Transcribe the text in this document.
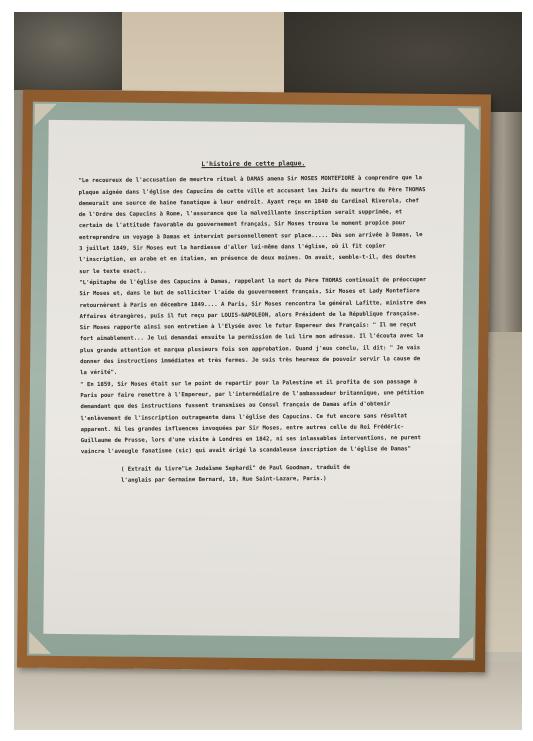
L'histoire de cette plaque.

"Le recoureux de l'accusation de meurtre rituel à DAMAS amena Sir MOSES MONTEFIORE à comprendre que la plaque aignée dans l'église des Capucins de cette ville et accusant les Juifs du meurtre du Père THOMAS demeurait une source de haine fanatique à leur endroit. Ayant reçu en 1840 du Cardinal Riverola, chef de l'Ordre des Capucins à Rome, l'assurance que la malveillante inscription serait supprimée, et certain de l'attitude favorable du gouvernement français, Sir Moses trouva le moment propice pour entreprendre un voyage à Damas et intervint personnellement sur place..... Dès son arrivée à Damas, le 3 juillet 1849, Sir Moses eut la hardiesse d'aller lui-même dans l'église, où il fit copier l'inscription, en arabe et en italien, en présence de deux moines. On avait, semble-t-il, des doutes sur le texte exact..

"L'épitaphe de l'église des Capucins à Damas, rappelant la mort du Père THOMAS continuait de préoccuper Sir Moses et, dans le but de solliciter l'aide du gouvernement français, Sir Moses et Lady Montefiore retournèrent à Paris en décembre 1849.... A Paris, Sir Moses rencontra le général Lafitte, ministre des Affaires étrangères, puis il fut reçu par LOUIS-NAPOLEON, alors Président de la République française. Sir Moses rapporte ainsi son entretien à l'Elysée avec le futur Empereur des Français: " Il me reçut fort aimablement... Je lui demandai ensuite la permission de lui lire mon adresse. Il l'écouta avec la plus grande attention et marqua plusieurs fois son approbation. Quand j'eus conclu, il dit: " Je vais donner des instructions immédiates et très fermes. Je suis très heureux de pouvoir servir la cause de la vérité".

" En 1859, Sir Moses était sur le point de repartir pour la Palestine et il profita de son passage à Paris pour faire remettre à l'Empereur, par l'intermédiaire de l'ambassadeur britannique, une pétition demandant que des instructions fussent transmises au Consul français de Damas afin d'obtenir l'enlèvement de l'inscription outrageante dans l'église des Capucins. Ce fut encore sans résultat apparent. Ni les grandes influences invoquées par Sir Moses, entre autres celle du Roi Frédéric-Guillaume de Prusse, lors d'une visite à Londres en 1842, ni ses inlassables interventions, ne purent vaincre l'aveugle fanatisme (sic) qui avait érigé la scandaleuse inscription de l'église de Damas"

( Extrait du livre"Le Judaïsme Sephardi" de Paul Goodman, traduit de l'anglais par Germaine Bernard, 10, Rue Saint-Lazare, Paris.)
